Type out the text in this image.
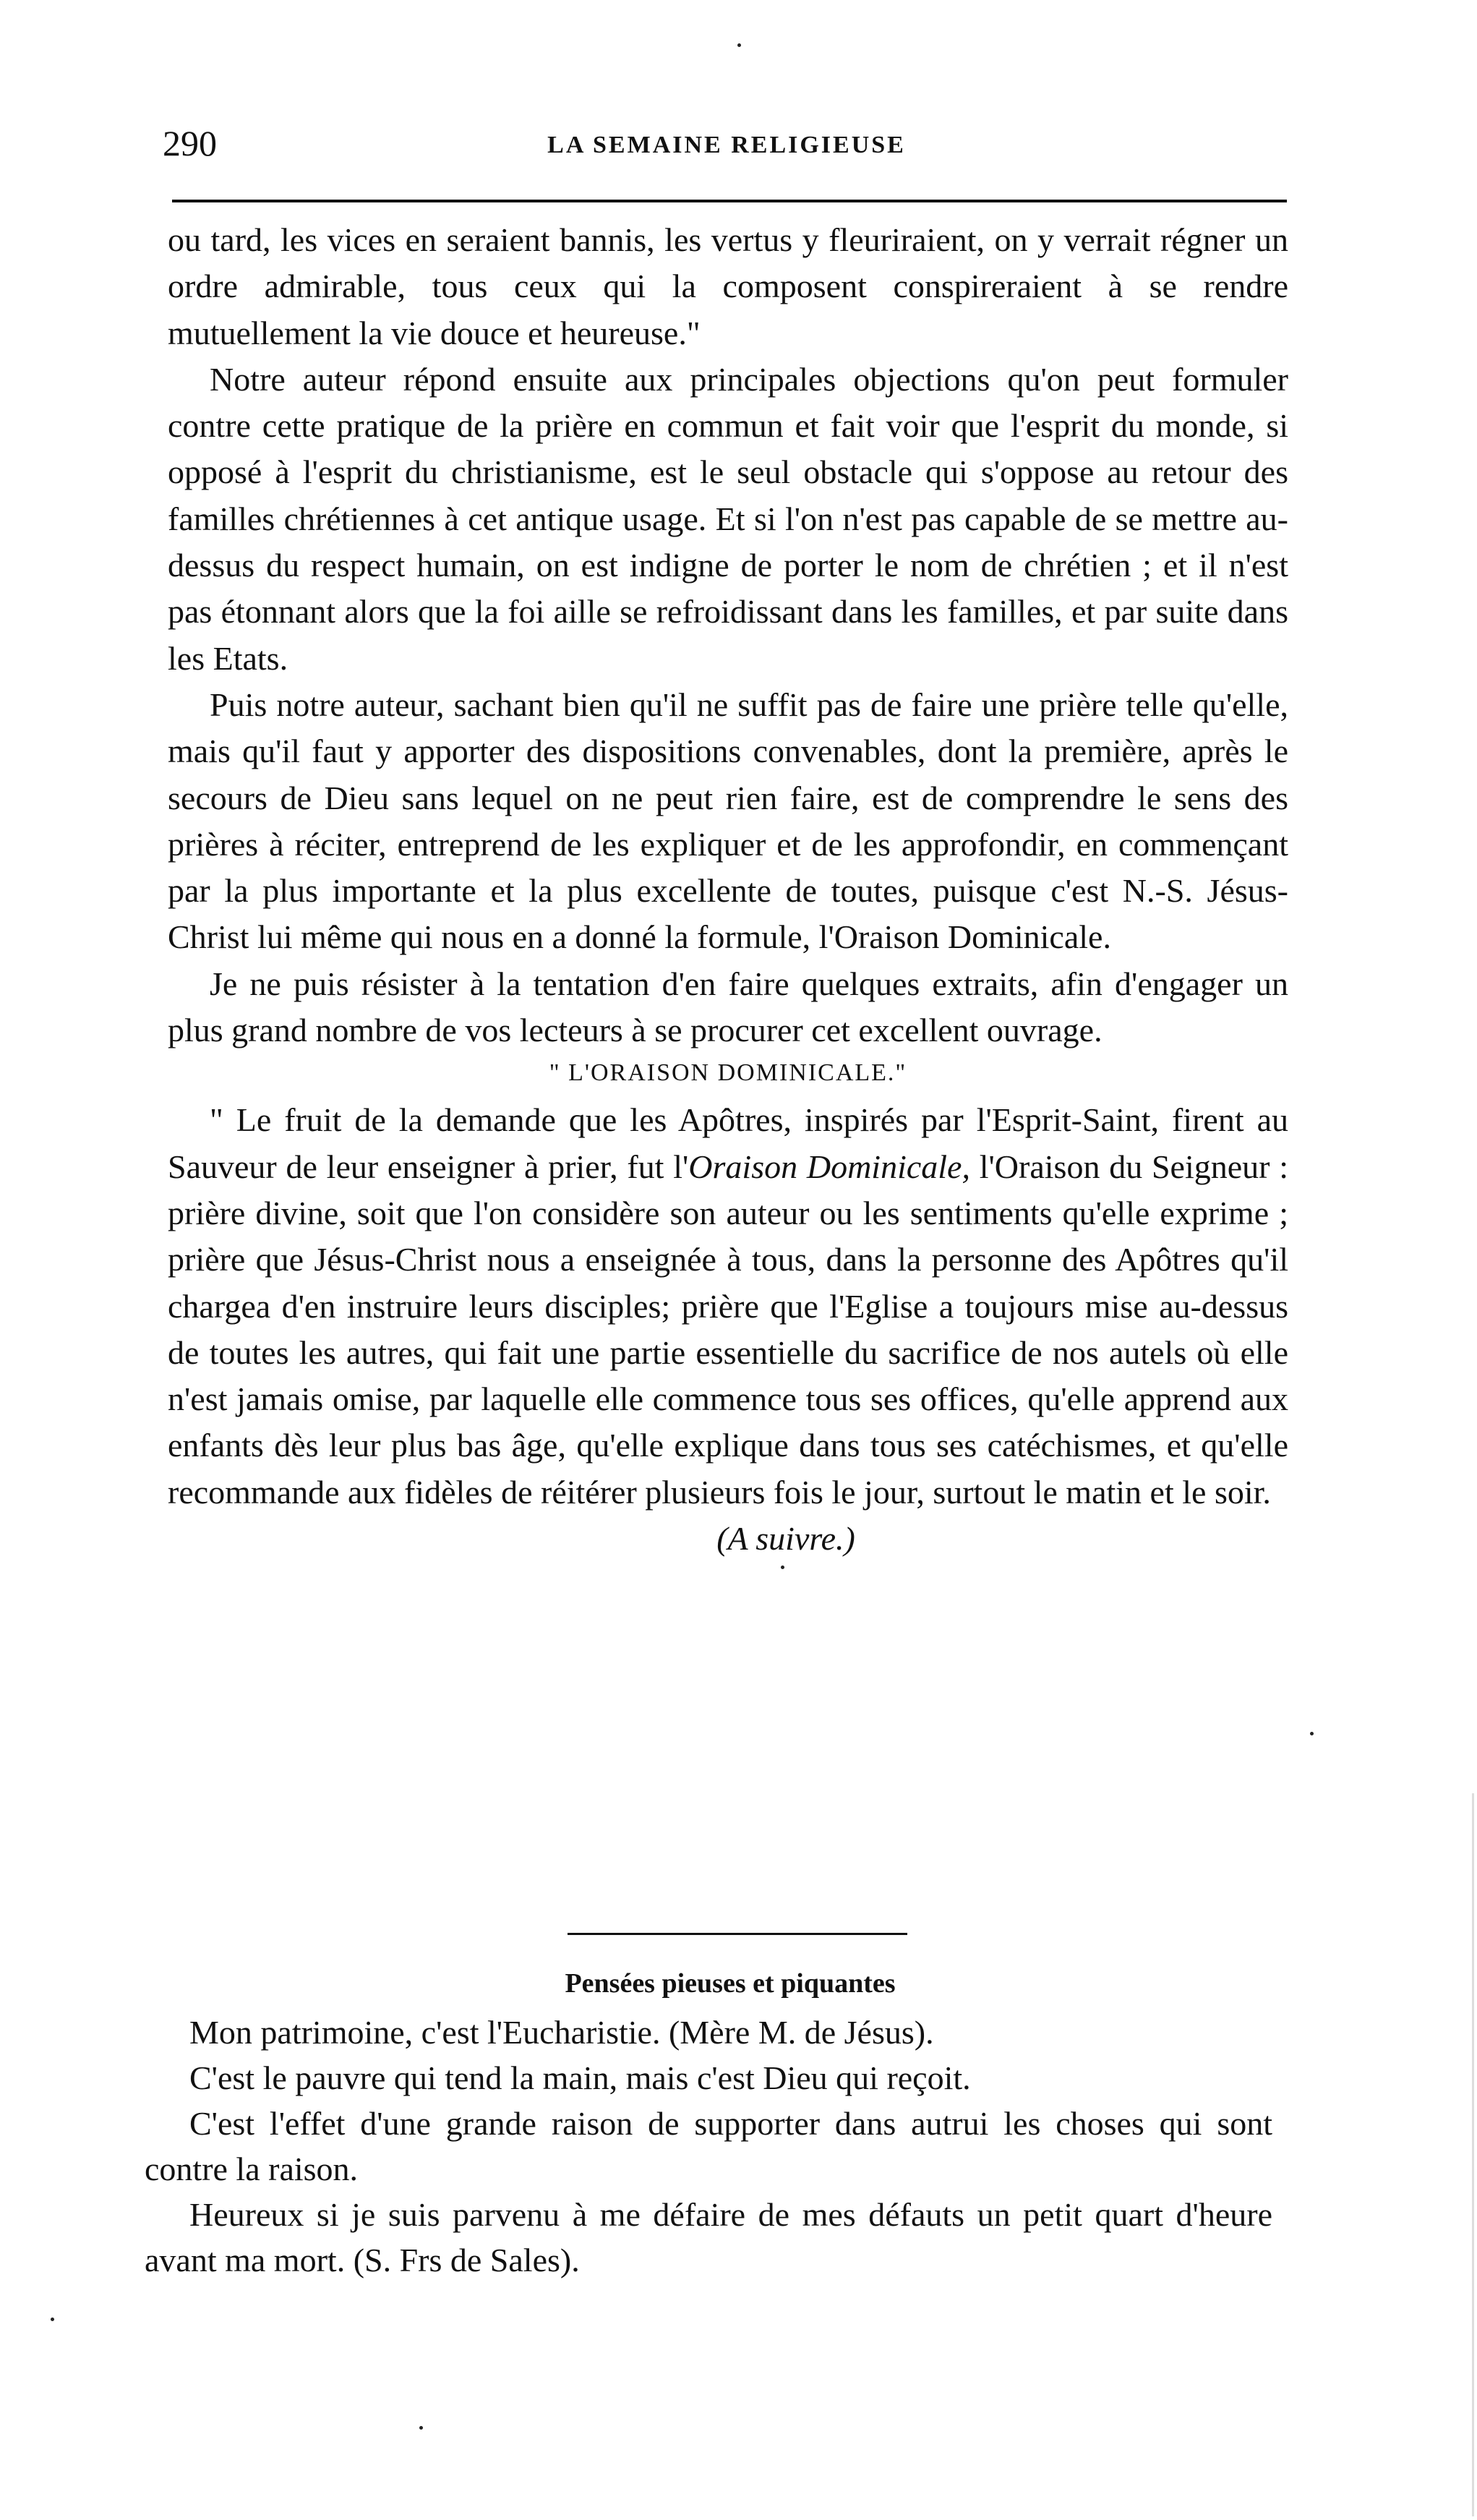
290	LA SEMAINE RELIGIEUSE

ou tard, les vices en seraient bannis, les vertus y fleuriraient, on y verrait régner un ordre admirable, tous ceux qui la composent conspireraient à se rendre mutuellement la vie douce et heureuse."

Notre auteur répond ensuite aux principales objections qu'on peut formuler contre cette pratique de la prière en commun et fait voir que l'esprit du monde, si opposé à l'esprit du christianisme, est le seul obstacle qui s'oppose au retour des familles chrétiennes à cet antique usage. Et si l'on n'est pas capable de se mettre au-dessus du respect humain, on est indigne de porter le nom de chrétien ; et il n'est pas étonnant alors que la foi aille se refroidissant dans les familles, et par suite dans les Etats.

Puis notre auteur, sachant bien qu'il ne suffit pas de faire une prière telle qu'elle, mais qu'il faut y apporter des dispositions convenables, dont la première, après le secours de Dieu sans lequel on ne peut rien faire, est de comprendre le sens des prières à réciter, entreprend de les expliquer et de les approfondir, en commençant par la plus importante et la plus excellente de toutes, puisque c'est N.-S. Jésus-Christ lui même qui nous en a donné la formule, l'Oraison Dominicale.

Je ne puis résister à la tentation d'en faire quelques extraits, afin d'engager un plus grand nombre de vos lecteurs à se procurer cet excellent ouvrage.

" L'ORAISON DOMINICALE."

" Le fruit de la demande que les Apôtres, inspirés par l'Esprit-Saint, firent au Sauveur de leur enseigner à prier, fut l'Oraison Dominicale, l'Oraison du Seigneur : prière divine, soit que l'on considère son auteur ou les sentiments qu'elle exprime ; prière que Jésus-Christ nous a enseignée à tous, dans la personne des Apôtres qu'il chargea d'en instruire leurs disciples; prière que l'Eglise a toujours mise au-dessus de toutes les autres, qui fait une partie essentielle du sacrifice de nos autels où elle n'est jamais omise, par laquelle elle commence tous ses offices, qu'elle apprend aux enfants dès leur plus bas âge, qu'elle explique dans tous ses catéchismes, et qu'elle recommande aux fidèles de réitérer plusieurs fois le jour, surtout le matin et le soir.

(A suivre.)

Pensées pieuses et piquantes

Mon patrimoine, c'est l'Eucharistie. (Mère M. de Jésus).

C'est le pauvre qui tend la main, mais c'est Dieu qui reçoit.

C'est l'effet d'une grande raison de supporter dans autrui les choses qui sont contre la raison.

Heureux si je suis parvenu à me défaire de mes défauts un petit quart d'heure avant ma mort. (S. Frs de Sales).
